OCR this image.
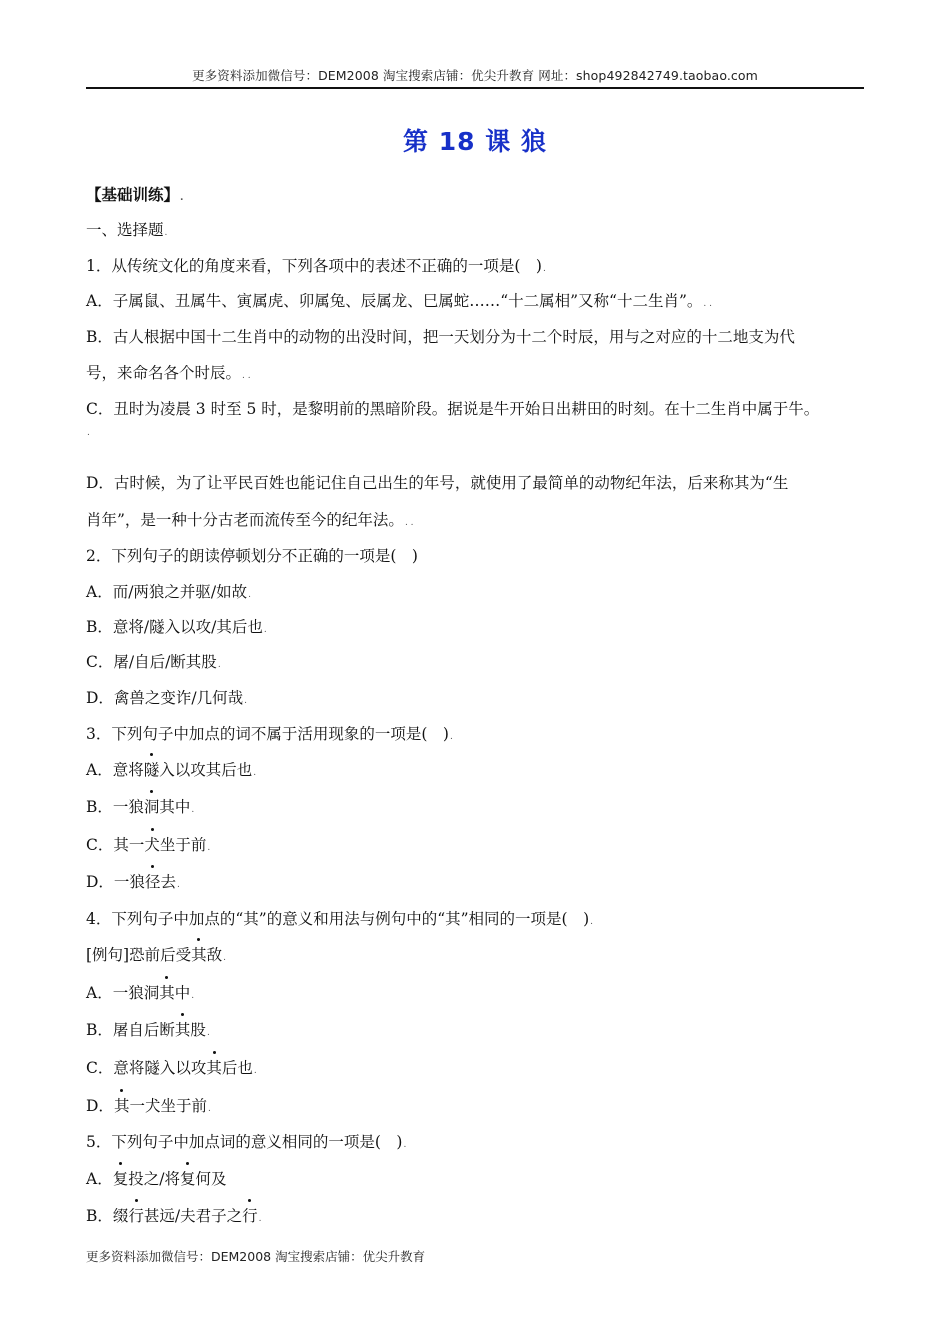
更多资料添加微信号：DEM2008 淘宝搜索店铺：优尖升教育 网址：shop492842749.taobao.com
第 18 课 狼
【基础训练】.
一、选择题.
1．从传统文化的角度来看，下列各项中的表述不正确的一项是(　).
A．子属鼠、丑属牛、寅属虎、卯属兔、辰属龙、巳属蛇……“十二属相”又称“十二生肖”。. .
B．古人根据中国十二生肖中的动物的出没时间，把一天划分为十二个时辰，用与之对应的十二地支为代
号，来命名各个时辰。. .
C．丑时为凌晨 3 时至 5 时，是黎明前的黑暗阶段。据说是牛开始日出耕田的时刻。在十二生肖中属于牛。
.
D．古时候，为了让平民百姓也能记住自己出生的年号，就使用了最简单的动物纪年法，后来称其为“生
肖年”，是一种十分古老而流传至今的纪年法。. .
2．下列句子的朗读停顿划分不正确的一项是(　)
A．而/两狼之并驱/如故.
B．意将/隧入以攻/其后也.
C．屠/自后/断其股.
D．禽兽之变诈/几何哉.
3．下列句子中加点的词不属于活用现象的一项是(　).
A．意将隧入以攻其后也.
B．一狼洞其中.
C．其一犬坐于前.
D．一狼径去.
4．下列句子中加点的“其”的意义和用法与例句中的“其”相同的一项是(　).
[例句]恐前后受其敌.
A．一狼洞其中.
B．屠自后断其股.
C．意将隧入以攻其后也.
D．其一犬坐于前.
5．下列句子中加点词的意义相同的一项是(　).
A．复投之/将复何及
B．缀行甚远/夫君子之行.
更多资料添加微信号：DEM2008 淘宝搜索店铺：优尖升教育
